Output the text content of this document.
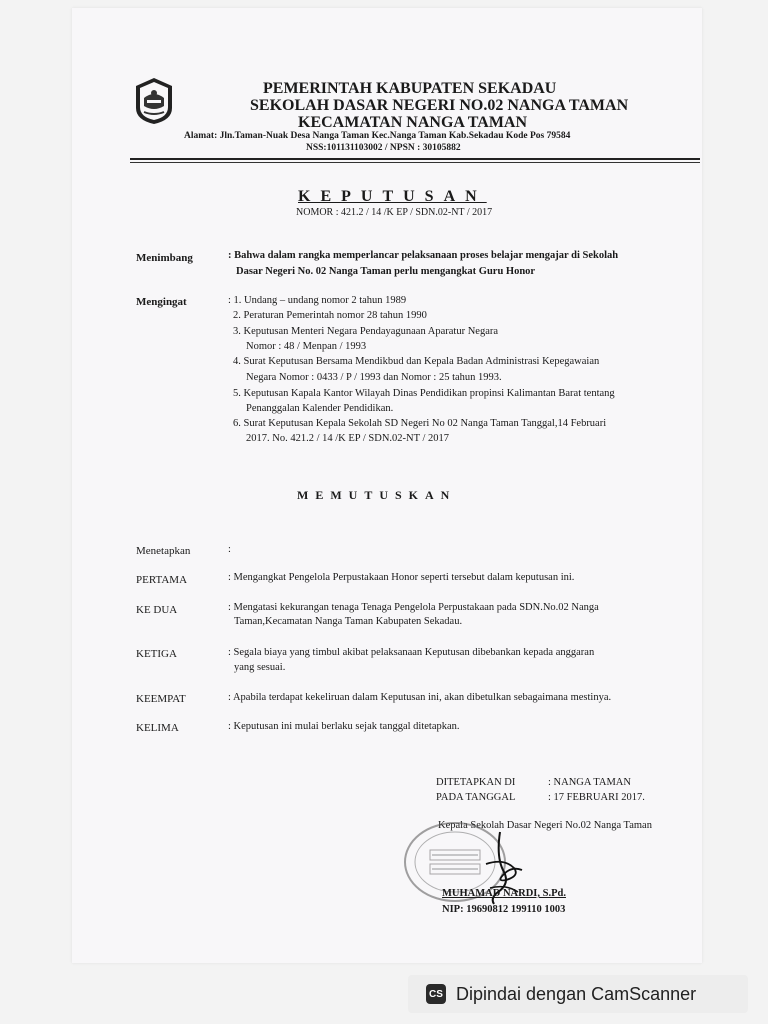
PEMERINTAH KABUPATEN SEKADAU
SEKOLAH DASAR NEGERI NO.02 NANGA TAMAN
KECAMATAN NANGA TAMAN
Alamat: Jln.Taman-Nuak Desa Nanga Taman Kec.Nanga Taman Kab.Sekadau Kode Pos 79584
NSS:101131103002 / NPSN : 30105882
KEPUTUSAN
NOMOR : 421.2 / 14 /K EP / SDN.02-NT / 2017
Menimbang	: Bahwa dalam rangka memperlancar pelaksanaan proses belajar mengajar di Sekolah
Dasar Negeri No. 02 Nanga Taman perlu mengangkat Guru Honor
Mengingat	: 1. Undang – undang nomor 2 tahun 1989
2. Peraturan Pemerintah nomor 28 tahun 1990
3. Keputusan Menteri Negara Pendayagunaan Aparatur Negara
Nomor : 48 / Menpan / 1993
4. Surat Keputusan Bersama Mendikbud dan Kepala Badan Administrasi Kepegawaian
Negara Nomor : 0433 / P / 1993 dan Nomor : 25 tahun 1993.
5. Keputusan Kapala Kantor Wilayah Dinas Pendidikan propinsi Kalimantan Barat tentang
Penanggalan Kalender Pendidikan.
6. Surat Keputusan Kepala Sekolah SD Negeri No 02 Nanga Taman Tanggal,14 Februari
2017. No. 421.2 / 14 /K EP / SDN.02-NT / 2017
MEMUTUSKAN
Menetapkan	:
PERTAMA	: Mengangkat Pengelola Perpustakaan Honor seperti tersebut dalam keputusan ini.
KE DUA	: Mengatasi kekurangan tenaga Tenaga Pengelola Perpustakaan pada SDN.No.02 Nanga
Taman,Kecamatan Nanga Taman Kabupaten Sekadau.
KETIGA	: Segala biaya yang timbul akibat pelaksanaan Keputusan dibebankan kepada anggaran
yang sesuai.
KEEMPAT	: Apabila terdapat kekeliruan dalam Keputusan ini, akan dibetulkan sebagaimana mestinya.
KELIMA	: Keputusan ini mulai berlaku sejak tanggal ditetapkan.
DITETAPKAN DI	: NANGA TAMAN
PADA TANGGAL	: 17 FEBRUARI 2017.
Kepala Sekolah Dasar Negeri No.02 Nanga Taman
MUHAMAD NARDI, S.Pd.
NIP: 19690812 199110 1003
CS Dipindai dengan CamScanner
